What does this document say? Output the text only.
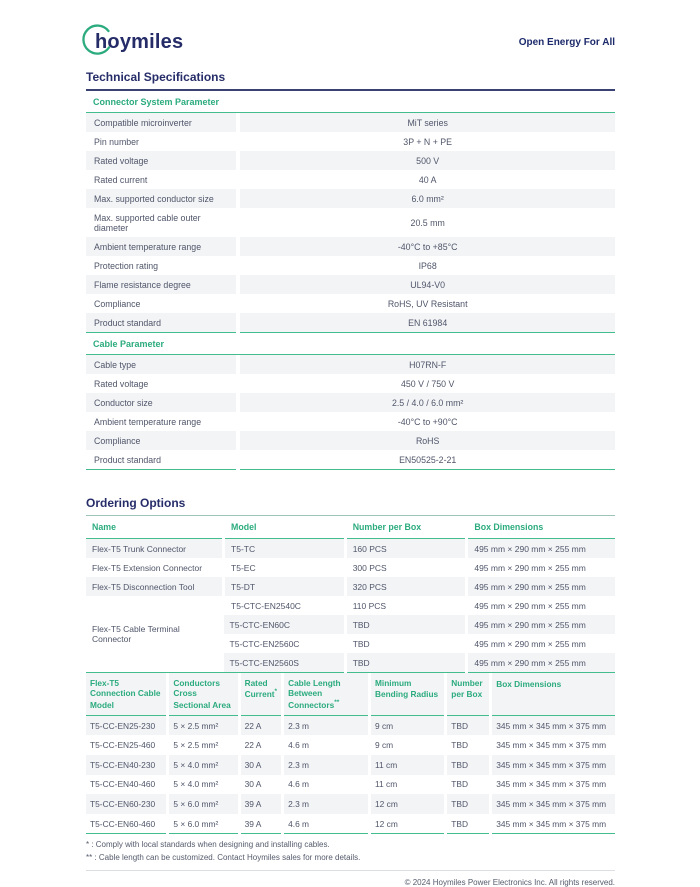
hoymiles	Open Energy For All
Technical Specifications
Connector System Parameter
Compatible microinverter	MiT series
Pin number	3P + N + PE
Rated voltage	500 V
Rated current	40 A
Max. supported conductor size	6.0 mm²
Max. supported cable outer diameter	20.5 mm
Ambient temperature range	-40°C to +85°C
Protection rating	IP68
Flame resistance degree	UL94-V0
Compliance	RoHS, UV Resistant
Product standard	EN 61984
Cable Parameter
Cable type	H07RN-F
Rated voltage	450 V / 750 V
Conductor size	2.5 / 4.0 / 6.0 mm²
Ambient temperature range	-40°C to +90°C
Compliance	RoHS
Product standard	EN50525-2-21
Ordering Options
Name	Model	Number per Box	Box Dimensions
Flex-T5 Trunk Connector	T5-TC	160 PCS	495 mm × 290 mm × 255 mm
Flex-T5 Extension Connector	T5-EC	300 PCS	495 mm × 290 mm × 255 mm
Flex-T5 Disconnection Tool	T5-DT	320 PCS	495 mm × 290 mm × 255 mm
Flex-T5 Cable Terminal Connector	T5-CTC-EN2540C	110 PCS	495 mm × 290 mm × 255 mm
	T5-CTC-EN60C	TBD	495 mm × 290 mm × 255 mm
	T5-CTC-EN2560C	TBD	495 mm × 290 mm × 255 mm
	T5-CTC-EN2560S	TBD	495 mm × 290 mm × 255 mm
Flex-T5 Connection Cable Model	Conductors Cross Sectional Area	Rated Current*	Cable Length Between Connectors**	Minimum Bending Radius	Number per Box	Box Dimensions
T5-CC-EN25-230	5 × 2.5 mm²	22 A	2.3 m	9 cm	TBD	345 mm × 345 mm × 375 mm
T5-CC-EN25-460	5 × 2.5 mm²	22 A	4.6 m	9 cm	TBD	345 mm × 345 mm × 375 mm
T5-CC-EN40-230	5 × 4.0 mm²	30 A	2.3 m	11 cm	TBD	345 mm × 345 mm × 375 mm
T5-CC-EN40-460	5 × 4.0 mm²	30 A	4.6 m	11 cm	TBD	345 mm × 345 mm × 375 mm
T5-CC-EN60-230	5 × 6.0 mm²	39 A	2.3 m	12 cm	TBD	345 mm × 345 mm × 375 mm
T5-CC-EN60-460	5 × 6.0 mm²	39 A	4.6 m	12 cm	TBD	345 mm × 345 mm × 375 mm
* : Comply with local standards when designing and installing cables.
** : Cable length can be customized. Contact Hoymiles sales for more details.
© 2024 Hoymiles Power Electronics Inc. All rights reserved.
